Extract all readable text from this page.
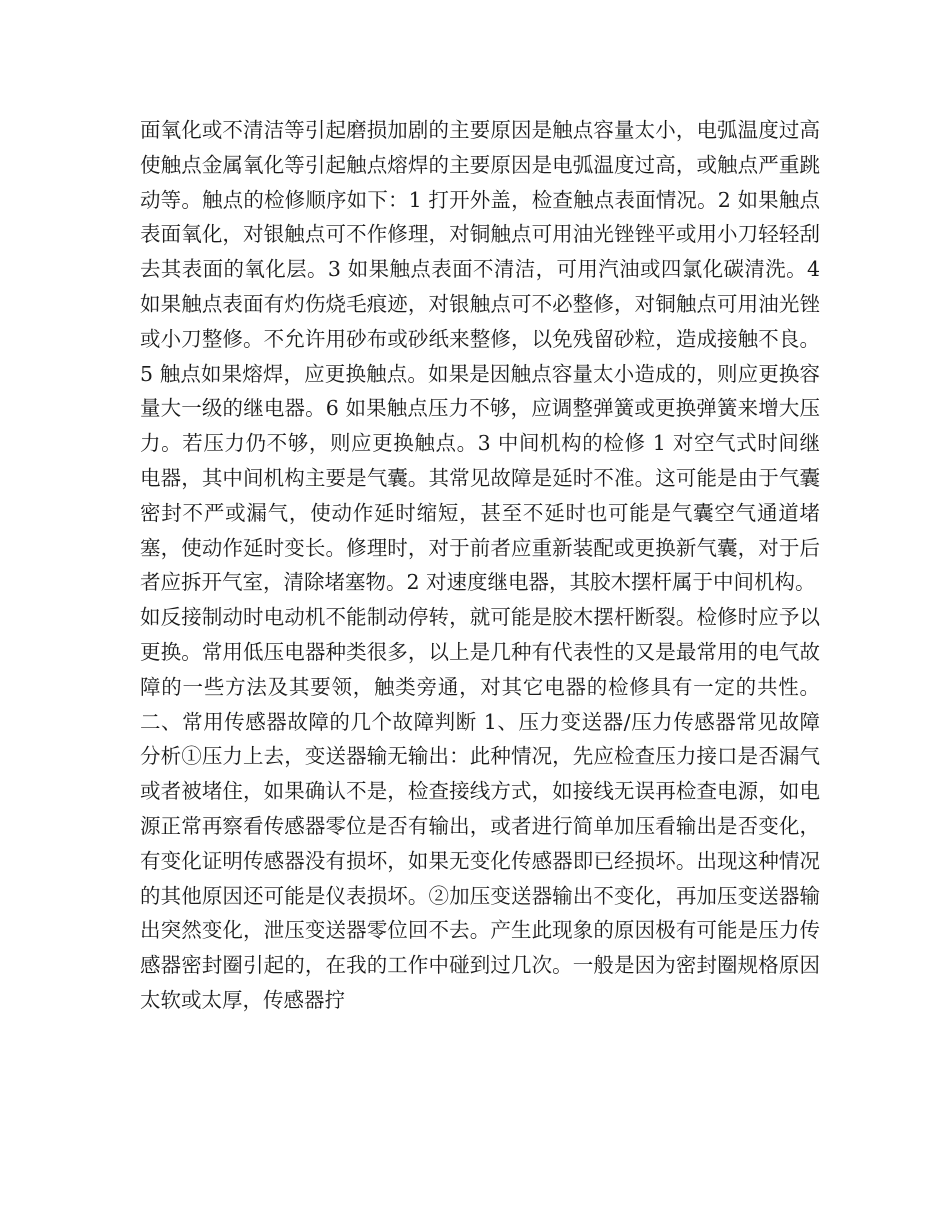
面氧化或不清洁等引起磨损加剧的主要原因是触点容量太小，电弧温度过高使触点金属氧化等引起触点熔焊的主要原因是电弧温度过高，或触点严重跳动等。触点的检修顺序如下：1 打开外盖，检查触点表面情况。2 如果触点表面氧化，对银触点可不作修理，对铜触点可用油光锉锉平或用小刀轻轻刮去其表面的氧化层。3 如果触点表面不清洁，可用汽油或四氯化碳清洗。4 如果触点表面有灼伤烧毛痕迹，对银触点可不必整修，对铜触点可用油光锉或小刀整修。不允许用砂布或砂纸来整修，以免残留砂粒，造成接触不良。5 触点如果熔焊，应更换触点。如果是因触点容量太小造成的，则应更换容量大一级的继电器。6 如果触点压力不够，应调整弹簧或更换弹簧来增大压力。若压力仍不够，则应更换触点。3 中间机构的检修 1 对空气式时间继电器，其中间机构主要是气囊。其常见故障是延时不准。这可能是由于气囊密封不严或漏气，使动作延时缩短，甚至不延时也可能是气囊空气通道堵塞，使动作延时变长。修理时，对于前者应重新装配或更换新气囊，对于后者应拆开气室，清除堵塞物。2 对速度继电器，其胶木摆杆属于中间机构。

如反接制动时电动机不能制动停转，就可能是胶木摆杆断裂。检修时应予以更换。常用低压电器种类很多，以上是几种有代表性的又是最常用的电气故障的一些方法及其要领，触类旁通，对其它电器的检修具有一定的共性。二、常用传感器故障的几个故障判断 1、压力变送器/压力传感器常见故障分析①压力上去，变送器输无输出：此种情况，先应检查压力接口是否漏气或者被堵住，如果确认不是，检查接线方式，如接线无误再检查电源，如电源正常再察看传感器零位是否有输出，或者进行简单加压看输出是否变化，有变化证明传感器没有损坏，如果无变化传感器即已经损坏。出现这种情况的其他原因还可能是仪表损坏。②加压变送器输出不变化，再加压变送器输出突然变化，泄压变送器零位回不去。产生此现象的原因极有可能是压力传感器密封圈引起的，在我的工作中碰到过几次。一般是因为密封圈规格原因太软或太厚，传感器拧
